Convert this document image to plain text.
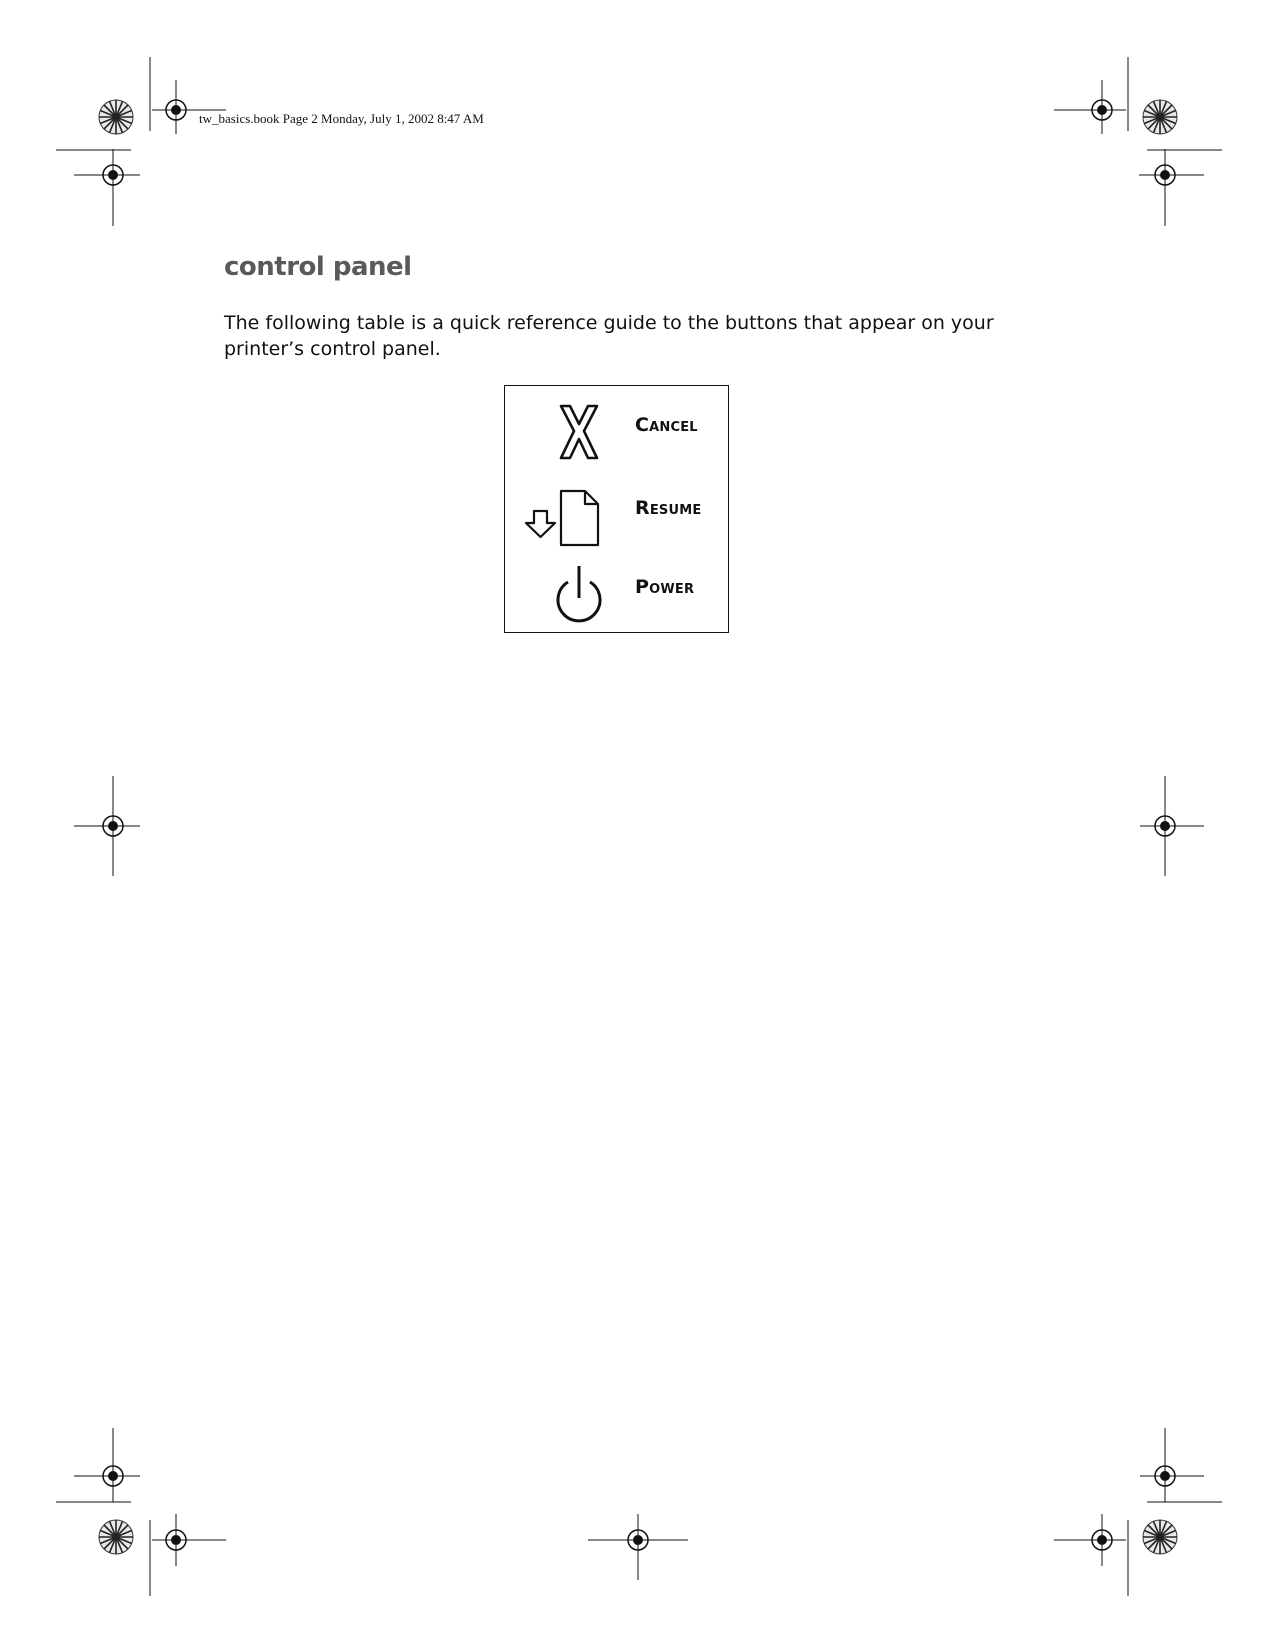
tw_basics.book Page 2 Monday, July 1, 2002 8:47 AM
control panel

The following table is a quick reference guide to the buttons that appear on your printer’s control panel.

Cancel
Resume
Power
